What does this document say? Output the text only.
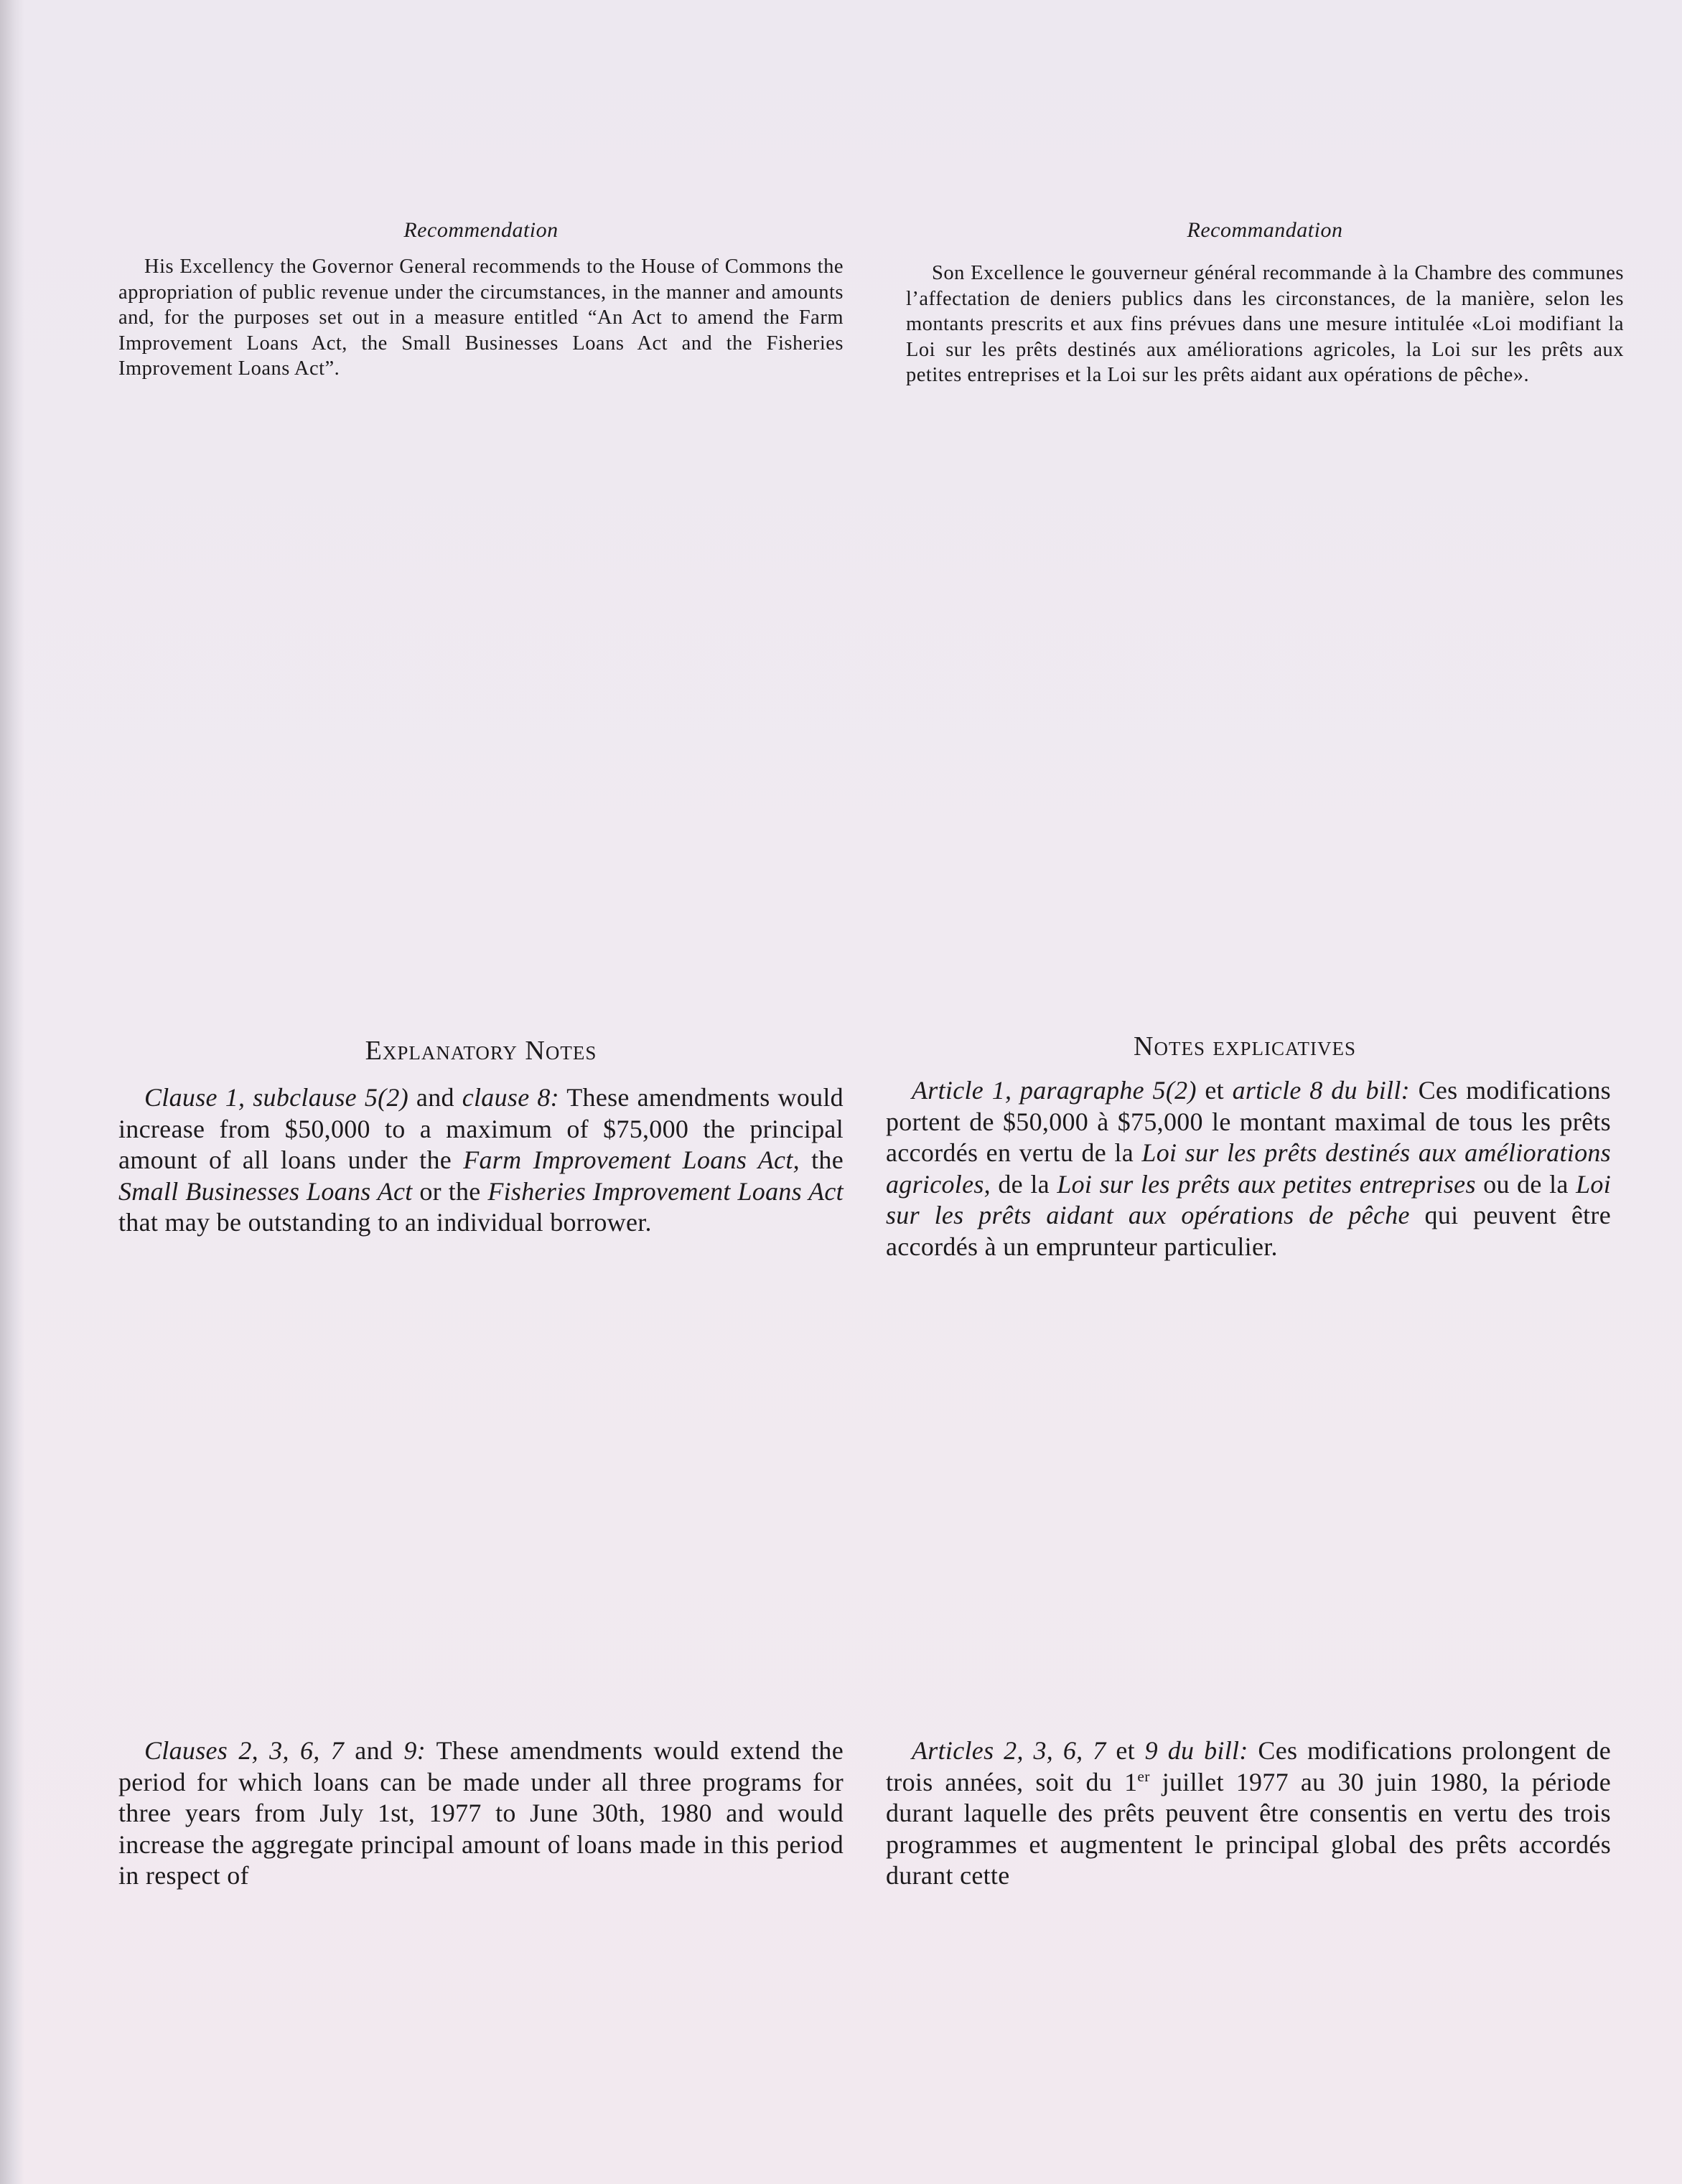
Recommendation

His Excellency the Governor General recommends to the House of Commons the appropriation of public revenue under the circumstances, in the manner and amounts and, for the purposes set out in a measure entitled “An Act to amend the Farm Improvement Loans Act, the Small Businesses Loans Act and the Fisheries Improvement Loans Act”.

Recommandation

Son Excellence le gouverneur général recommande à la Chambre des communes l’affectation de deniers publics dans les circonstances, de la manière, selon les montants prescrits et aux fins prévues dans une mesure intitulée «Loi modifiant la Loi sur les prêts destinés aux améliorations agricoles, la Loi sur les prêts aux petites entreprises et la Loi sur les prêts aidant aux opérations de pêche».

Explanatory Notes

Clause 1, subclause 5(2) and clause 8: These amendments would increase from $50,000 to a maximum of $75,000 the principal amount of all loans under the Farm Improvement Loans Act, the Small Businesses Loans Act or the Fisheries Improvement Loans Act that may be outstanding to an individual borrower.

Clauses 2, 3, 6, 7 and 9: These amendments would extend the period for which loans can be made under all three programs for three years from July 1st, 1977 to June 30th, 1980 and would increase the aggregate principal amount of loans made in this period in respect of

Notes explicatives

Article 1, paragraphe 5(2) et article 8 du bill: Ces modifications portent de $50,000 à $75,000 le montant maximal de tous les prêts accordés en vertu de la Loi sur les prêts destinés aux améliorations agricoles, de la Loi sur les prêts aux petites entreprises ou de la Loi sur les prêts aidant aux opérations de pêche qui peuvent être accordés à un emprunteur particulier.

Articles 2, 3, 6, 7 et 9 du bill: Ces modifications prolongent de trois années, soit du 1er juillet 1977 au 30 juin 1980, la période durant laquelle des prêts peuvent être consentis en vertu des trois programmes et augmentent le principal global des prêts accordés durant cette
